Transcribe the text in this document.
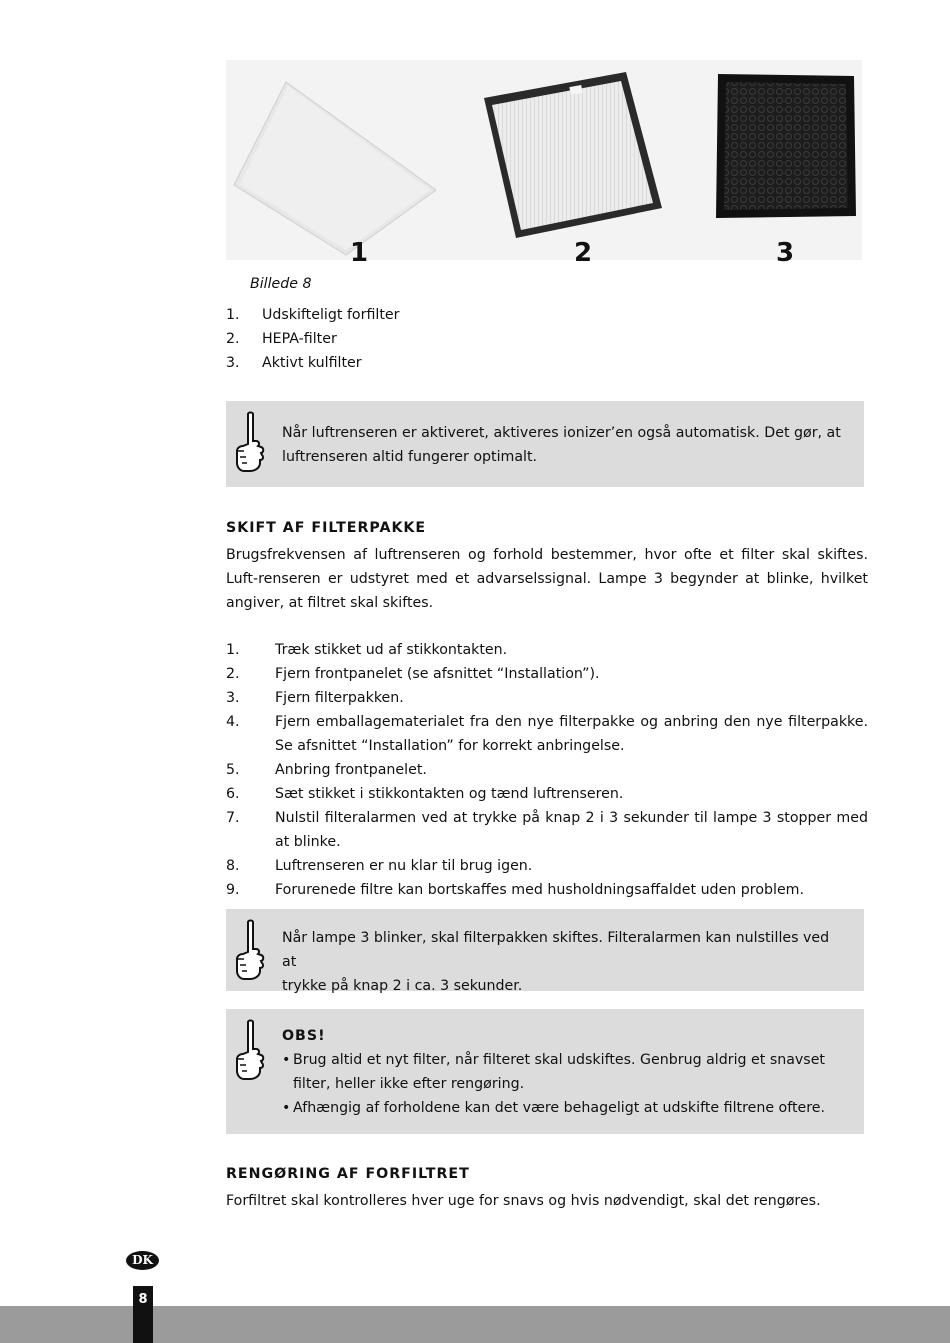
1	2	3
Billede 8
1. Udskifteligt forfilter
2. HEPA-filter
3. Aktivt kulfilter
Når luftrenseren er aktiveret, aktiveres ionizer’en også automatisk. Det gør, at
luftrenseren altid fungerer optimalt.
SKIFT AF FILTERPAKKE
Brugsfrekvensen af luftrenseren og forhold bestemmer, hvor ofte et filter skal skiftes. Luft-renseren er udstyret med et advarselssignal. Lampe 3 begynder at blinke, hvilket angiver, at filtret skal skiftes.
1. Træk stikket ud af stikkontakten.
2. Fjern frontpanelet (se afsnittet “Installation”).
3. Fjern filterpakken.
4. Fjern emballagematerialet fra den nye filterpakke og anbring den nye filterpakke. Se afsnittet “Installation” for korrekt anbringelse.
5. Anbring frontpanelet.
6. Sæt stikket i stikkontakten og tænd luftrenseren.
7. Nulstil filteralarmen ved at trykke på knap 2 i 3 sekunder til lampe 3 stopper med at blinke.
8. Luftrenseren er nu klar til brug igen.
9. Forurenede filtre kan bortskaffes med husholdningsaffaldet uden problem.
Når lampe 3 blinker, skal filterpakken skiftes. Filteralarmen kan nulstilles ved at
trykke på knap 2 i ca. 3 sekunder.
OBS!
• Brug altid et nyt filter, når filteret skal udskiftes. Genbrug aldrig et snavset filter, heller ikke efter rengøring.
• Afhængig af forholdene kan det være behageligt at udskifte filtrene oftere.
RENGØRING AF FORFILTRET
Forfiltret skal kontrolleres hver uge for snavs og hvis nødvendigt, skal det rengøres.
DK
8
